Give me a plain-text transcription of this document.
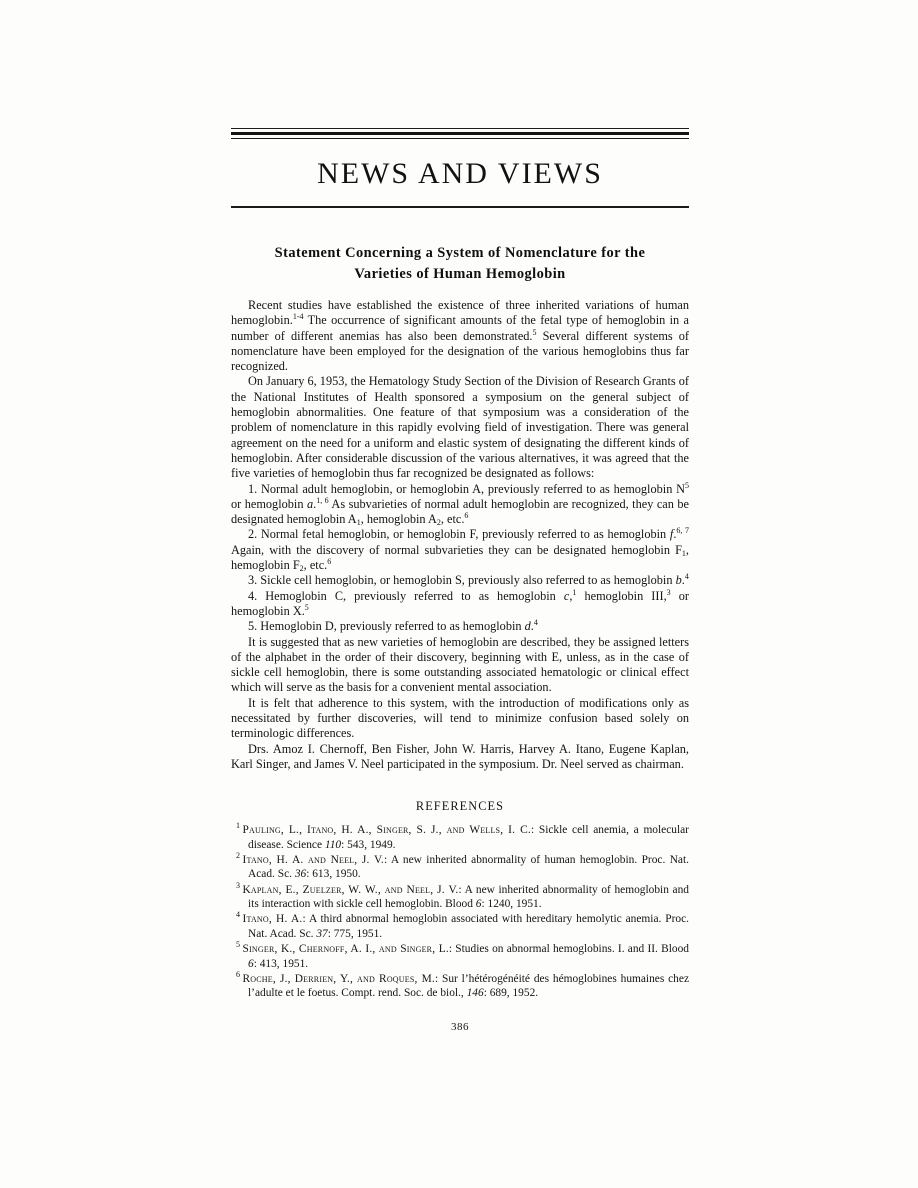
NEWS AND VIEWS
Statement Concerning a System of Nomenclature for the
Varieties of Human Hemoglobin

Recent studies have established the existence of three inherited variations of human hemoglobin.$^{1-4}$ The occurrence of significant amounts of the fetal type of hemoglobin in a number of different anemias has also been demonstrated.$^5$ Several different systems of nomenclature have been employed for the designation of the various hemoglobins thus far recognized.

On January 6, 1953, the Hematology Study Section of the Division of Research Grants of the National Institutes of Health sponsored a symposium on the general subject of hemoglobin abnormalities. One feature of that symposium was a consideration of the problem of nomenclature in this rapidly evolving field of investigation. There was general agreement on the need for a uniform and elastic system of designating the different kinds of hemoglobin. After considerable discussion of the various alternatives, it was agreed that the five varieties of hemoglobin thus far recognized be designated as follows:

1. Normal adult hemoglobin, or hemoglobin A, previously referred to as hemoglobin $N^5$ or hemoglobin a.$^{1, 6}$ As subvarieties of normal adult hemoglobin are recognized, they can be designated hemoglobin $A_1$, hemoglobin $A_2$, etc.$^6$

2. Normal fetal hemoglobin, or hemoglobin F, previously referred to as hemoglobin f.$^{6, 7}$ Again, with the discovery of normal subvarieties they can be designated hemoglobin $F_1$, hemoglobin $F_2$, etc.$^6$

3. Sickle cell hemoglobin, or hemoglobin S, previously also referred to as hemoglobin b.$^4$

4. Hemoglobin C, previously referred to as hemoglobin c,$^1$ hemoglobin III,$^3$ or hemoglobin X.$^5$

5. Hemoglobin D, previously referred to as hemoglobin d.$^4$

It is suggested that as new varieties of hemoglobin are described, they be assigned letters of the alphabet in the order of their discovery, beginning with E, unless, as in the case of sickle cell hemoglobin, there is some outstanding associated hematologic or clinical effect which will serve as the basis for a convenient mental association.

It is felt that adherence to this system, with the introduction of modifications only as necessitated by further discoveries, will tend to minimize confusion based solely on terminologic differences.

Drs. Amoz I. Chernoff, Ben Fisher, John W. Harris, Harvey A. Itano, Eugene Kaplan, Karl Singer, and James V. Neel participated in the symposium. Dr. Neel served as chairman.

REFERENCES

$^1$ Pauling, L., Itano, H. A., Singer, S. J., and Wells, I. C.: Sickle cell anemia, a molecular disease. Science 110: 543, 1949.

$^2$ Itano, H. A. and Neel, J. V.: A new inherited abnormality of human hemoglobin. Proc. Nat. Acad. Sc. 36: 613, 1950.

$^3$ Kaplan, E., Zuelzer, W. W., and Neel, J. V.: A new inherited abnormality of hemoglobin and its interaction with sickle cell hemoglobin. Blood 6: 1240, 1951.

$^4$ Itano, H. A.: A third abnormal hemoglobin associated with hereditary hemolytic anemia. Proc. Nat. Acad. Sc. 37: 775, 1951.

$^5$ Singer, K., Chernoff, A. I., and Singer, L.: Studies on abnormal hemoglobins. I. and II. Blood 6: 413, 1951.

$^6$ Roche, J., Derrien, Y., and Roques, M.: Sur l’hétérogénéité des hémoglobines humaines chez l’adulte et le foetus. Compt. rend. Soc. de biol., 146: 689, 1952.

386
